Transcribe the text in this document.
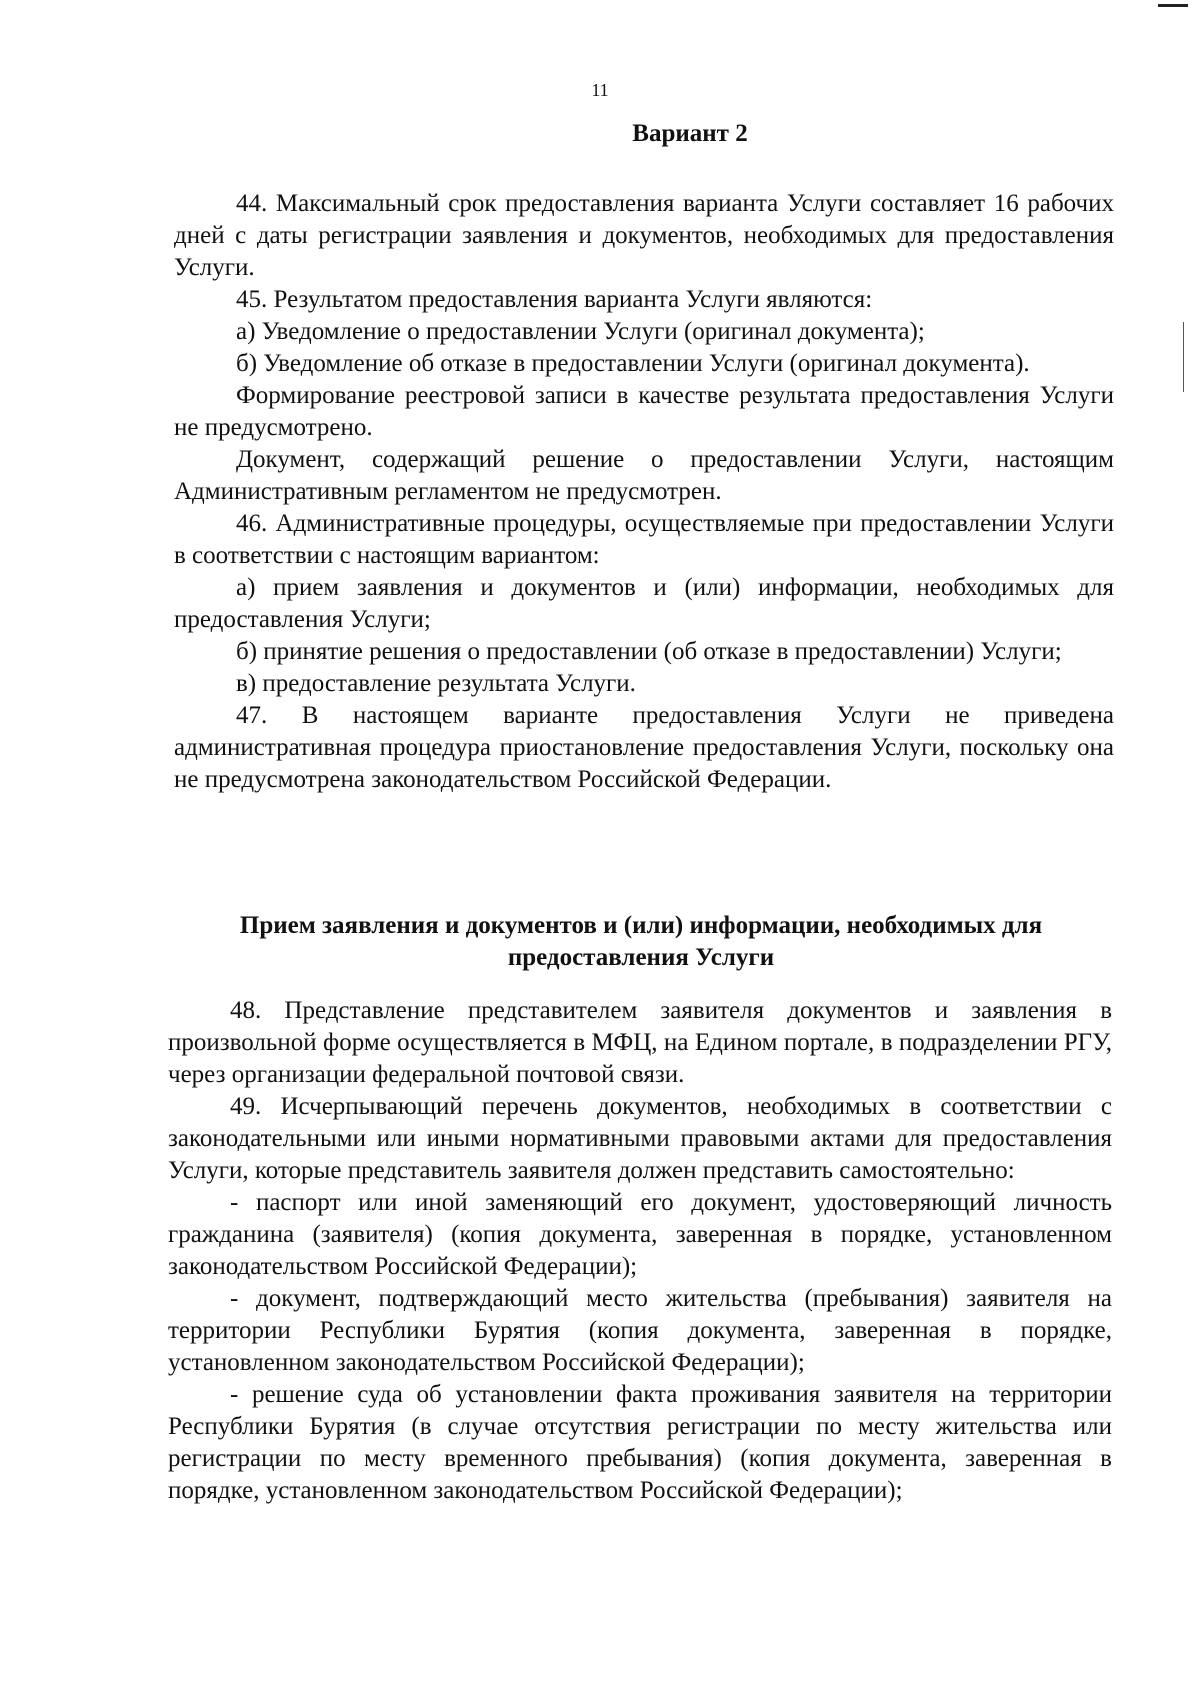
11
Вариант 2

44. Максимальный срок предоставления варианта Услуги составляет 16 рабочих дней с даты регистрации заявления и документов, необходимых для предоставления Услуги.

45. Результатом предоставления варианта Услуги являются:

а) Уведомление о предоставлении Услуги (оригинал документа);

б) Уведомление об отказе в предоставлении Услуги (оригинал документа).

Формирование реестровой записи в качестве результата предоставления Услуги не предусмотрено.

Документ, содержащий решение о предоставлении Услуги, настоящим Административным регламентом не предусмотрен.

46. Административные процедуры, осуществляемые при предоставлении Услуги в соответствии с настоящим вариантом:

а) прием заявления и документов и (или) информации, необходимых для предоставления Услуги;

б) принятие решения о предоставлении (об отказе в предоставлении) Услуги;

в) предоставление результата Услуги.

47. В настоящем варианте предоставления Услуги не приведена административная процедура приостановление предоставления Услуги, поскольку она не предусмотрена законодательством Российской Федерации.

Прием заявления и документов и (или) информации, необходимых для предоставления Услуги

48. Представление представителем заявителя документов и заявления в произвольной форме осуществляется в МФЦ, на Едином портале, в подразделении РГУ, через организации федеральной почтовой связи.

49. Исчерпывающий перечень документов, необходимых в соответствии с законодательными или иными нормативными правовыми актами для предоставления Услуги, которые представитель заявителя должен представить самостоятельно:

- паспорт или иной заменяющий его документ, удостоверяющий личность гражданина (заявителя) (копия документа, заверенная в порядке, установленном законодательством Российской Федерации);

- документ, подтверждающий место жительства (пребывания) заявителя на территории Республики Бурятия (копия документа, заверенная в порядке, установленном законодательством Российской Федерации);

- решение суда об установлении факта проживания заявителя на территории Республики Бурятия (в случае отсутствия регистрации по месту жительства или регистрации по месту временного пребывания) (копия документа, заверенная в порядке, установленном законодательством Российской Федерации);
